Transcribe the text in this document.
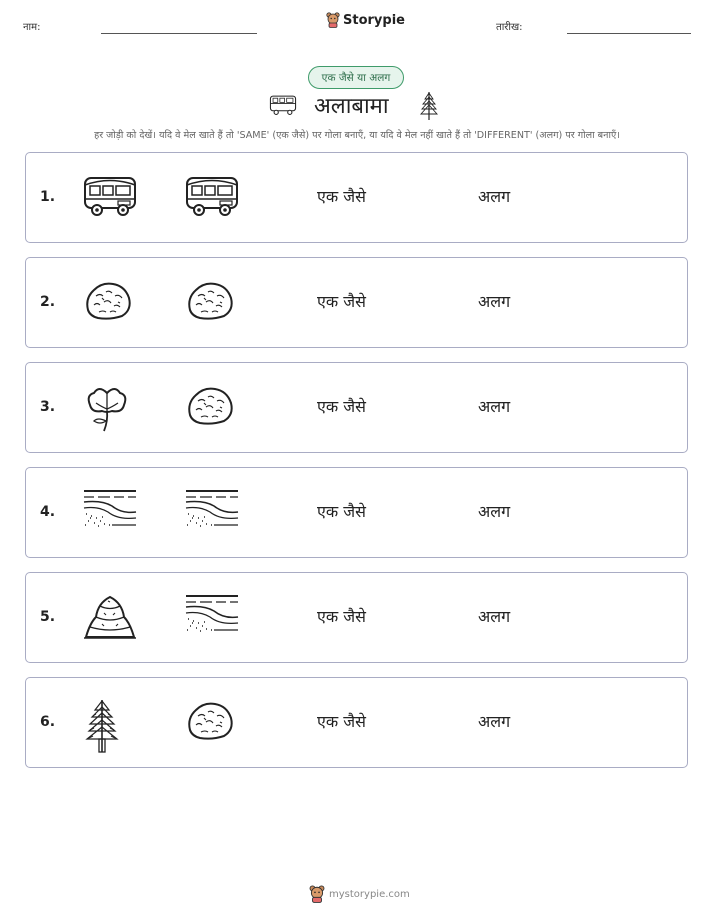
नाम:	Storypie	तारीख:
एक जैसे या अलग
अलाबामा
हर जोड़ी को देखें। यदि वे मेल खाते हैं तो 'SAME' (एक जैसे) पर गोला बनाएँ, या यदि वे मेल नहीं खाते हैं तो 'DIFFERENT' (अलग) पर गोला बनाएँ।
1.	एक जैसे	अलग
2.	एक जैसे	अलग
3.	एक जैसे	अलग
4.	एक जैसे	अलग
5.	एक जैसे	अलग
6.	एक जैसे	अलग
mystorypie.com
